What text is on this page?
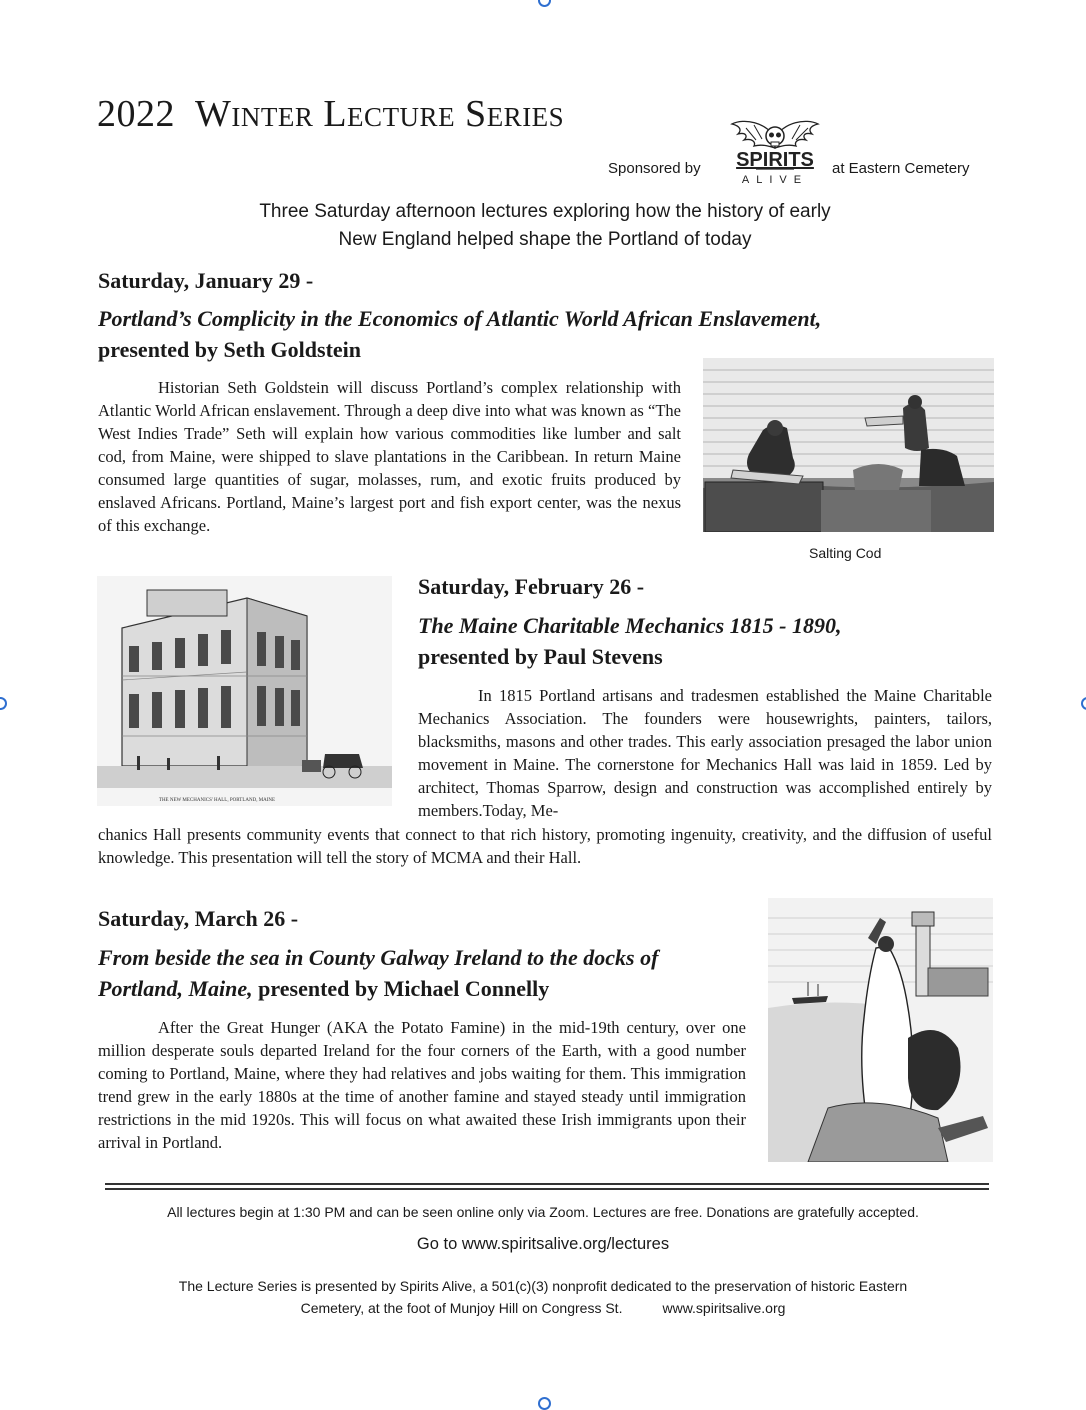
2022 Winter Lecture Series
Sponsored by SPIRITS
ALIVE
at Eastern Cemetery
Three Saturday afternoon lectures exploring how the history of early
New England helped shape the Portland of today
Saturday, January 29 -
Portland’s Complicity in the Economics of Atlantic World African Enslavement,
presented by Seth Goldstein
Historian Seth Goldstein will discuss Portland’s complex relationship with Atlantic World African enslavement. Through a deep dive into what was known as “The West Indies Trade” Seth will explain how various commodities like lumber and salt cod, from Maine, were shipped to slave plantations in the Caribbean. In return Maine consumed large quantities of sugar, molasses, rum, and exotic fruits produced by enslaved Africans. Portland, Maine’s largest port and fish export center, was the nexus of this exchange.
Salting Cod
THE NEW MECHANICS' HALL, PORTLAND, MAINE
Saturday, February 26 -
The Maine Charitable Mechanics 1815 - 1890,
presented by Paul Stevens
In 1815 Portland artisans and tradesmen established the Maine Charitable Mechanics Association. The founders were housewrights, painters, tailors, blacksmiths, masons and other trades. This early association presaged the labor union movement in Maine. The cornerstone for Mechanics Hall was laid in 1859. Led by architect, Thomas Sparrow, design and construction was accomplished entirely by members.Today, Me-
chanics Hall presents community events that connect to that rich history, promoting ingenuity, creativity, and the diffusion of useful knowledge. This presentation will tell the story of MCMA and their Hall.
Saturday, March 26 -
From beside the sea in County Galway Ireland to the docks of Portland, Maine, presented by Michael Connelly
After the Great Hunger (AKA the Potato Famine) in the mid-19th century, over one million desperate souls departed Ireland for the four corners of the Earth, with a good number coming to Portland, Maine, where they had relatives and jobs waiting for them. This immigration trend grew in the early 1880s at the time of another famine and stayed steady until immigration restrictions in the mid 1920s. This will focus on what awaited these Irish immigrants upon their arrival in Portland.
All lectures begin at 1:30 PM and can be seen online only via Zoom. Lectures are free. Donations are gratefully accepted.
Go to www.spiritsalive.org/lectures
The Lecture Series is presented by Spirits Alive, a 501(c)(3) nonprofit dedicated to the preservation of historic Eastern
Cemetery, at the foot of Munjoy Hill on Congress St.	www.spiritsalive.org
